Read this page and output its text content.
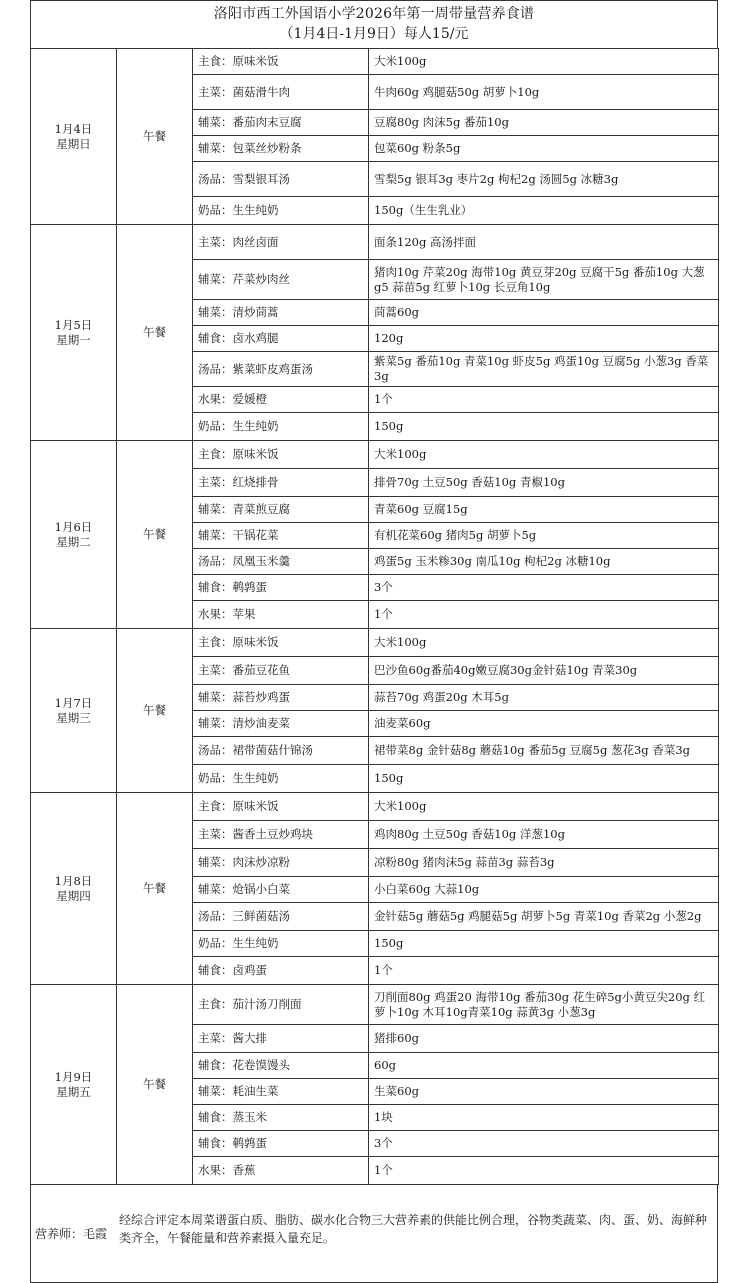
洛阳市西工外国语小学2026年第一周带量营养食谱
（1月4日-1月9日）每人15/元
1月4日
星期日	午餐	主食：原味米饭	大米100g
		主菜：菌菇滑牛肉	牛肉60g 鸡腿菇50g 胡萝卜10g
		辅菜：番茄肉末豆腐	豆腐80g 肉沫5g 番茄10g
		辅菜：包菜丝炒粉条	包菜60g 粉条5g
		汤品：雪梨银耳汤	雪梨5g 银耳3g 枣片2g 枸杞2g 汤圆5g 冰糖3g
		奶品：生生纯奶	150g（生生乳业）

1月5日
星期一	午餐	主菜：肉丝卤面	面条120g 高汤拌面
		辅菜：芹菜炒肉丝	猪肉10g 芹菜20g 海带10g 黄豆芽20g 豆腐干5g 番茄10g 大葱g5 蒜苗5g 红萝卜10g 长豆角10g
		辅菜：清炒茼蒿	茼蒿60g
		辅食：卤水鸡腿	120g
		汤品：紫菜虾皮鸡蛋汤	紫菜5g 番茄10g 青菜10g 虾皮5g 鸡蛋10g 豆腐5g 小葱3g 香菜3g
		水果：爱媛橙	1个
		奶品：生生纯奶	150g

1月6日
星期二	午餐	主食：原味米饭	大米100g
		主菜：红烧排骨	排骨70g 土豆50g 香菇10g 青椒10g
		辅菜：青菜煎豆腐	青菜60g 豆腐15g
		辅菜：干锅花菜	有机花菜60g 猪肉5g 胡萝卜5g
		汤品：凤凰玉米羹	鸡蛋5g 玉米糁30g 南瓜10g 枸杞2g 冰糖10g
		辅食：鹌鹑蛋	3个
		水果：苹果	1个

1月7日
星期三	午餐	主食：原味米饭	大米100g
		主菜：番茄豆花鱼	巴沙鱼60g番茄40g嫩豆腐30g金针菇10g 青菜30g
		辅菜：蒜苔炒鸡蛋	蒜苔70g 鸡蛋20g 木耳5g
		辅菜：清炒油麦菜	油麦菜60g
		汤品：裙带菌菇什锦汤	裙带菜8g 金针菇8g 蘑菇10g 番茄5g 豆腐5g 葱花3g 香菜3g
		奶品：生生纯奶	150g

1月8日
星期四	午餐	主食：原味米饭	大米100g
		主菜：酱香土豆炒鸡块	鸡肉80g 土豆50g 香菇10g 洋葱10g
		辅菜：肉沫炒凉粉	凉粉80g 猪肉沫5g 蒜苗3g 蒜苔3g
		辅菜：炝锅小白菜	小白菜60g 大蒜10g
		汤品：三鲜菌菇汤	金针菇5g 蘑菇5g 鸡腿菇5g 胡萝卜5g 青菜10g 香菜2g 小葱2g
		奶品：生生纯奶	150g
		辅食：卤鸡蛋	1个

1月9日
星期五	午餐	主食：茄汁汤刀削面	刀削面80g 鸡蛋20 海带10g 番茄30g 花生碎5g小黄豆尖20g 红萝卜10g 木耳10g青菜10g 蒜黄3g 小葱3g
		主菜：酱大排	猪排60g
		辅食：花卷馍馒头	60g
		辅菜：耗油生菜	生菜60g
		辅食：蒸玉米	1块
		辅食：鹌鹑蛋	3个
		水果：香蕉	1个
营养师：毛霞
经综合评定本周菜谱蛋白质、脂肪、碳水化合物三大营养素的供能比例合理，谷物类蔬菜、肉、蛋、奶、海鲜种类齐全，午餐能量和营养素摄入量充足。
